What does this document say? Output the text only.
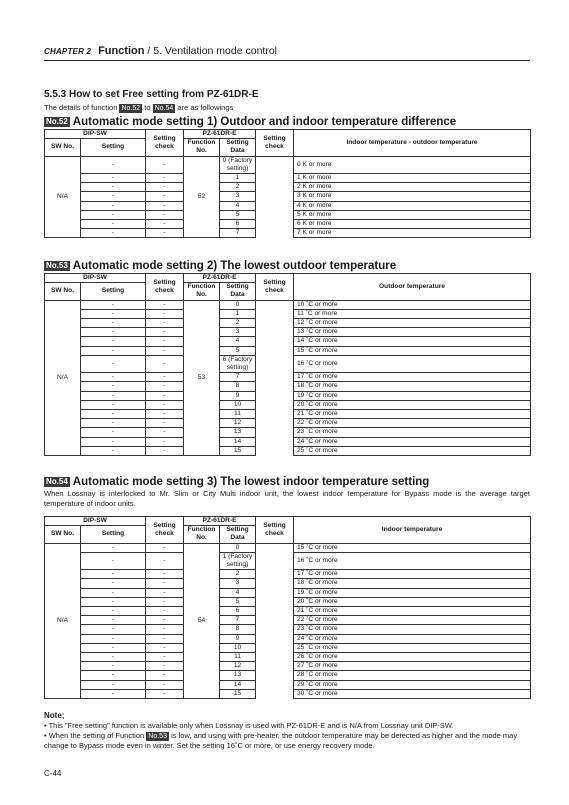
CHAPTER 2 Function / 5. Ventilation mode control
5.5.3 How to set Free setting from PZ-61DR-E
The details of function No.52 to No.54 are as followings
No.52 Automatic mode setting 1) Outdoor and indoor temperature difference
DIP-SW		Setting check	PZ-61DR-E		Setting check	Indoor temperature - outdoor temperature
SW No.	Setting		Function No.	Setting Data		
N/A	-	-	52	0 (Factory setting)		0 K or more
	-	-		1		1 K or more
	-	-		2		2 K or more
	-	-		3		3 K or more
	-	-		4		4 K or more
	-	-		5		5 K or more
	-	-		6		6 K or more
	-	-		7		7 K or more
No.53 Automatic mode setting 2) The lowest outdoor temperature
DIP-SW		Setting check	PZ-61DR-E		Setting check	Outdoor temperature
SW No.	Setting		Function No.	Setting Data		
N/A	-	-	53	0		10 ˚C or more
	-	-		1		11 ˚C or more
	-	-		2		12 ˚C or more
	-	-		3		13 ˚C or more
	-	-		4		14 ˚C or more
	-	-		5		15 ˚C or more
	-	-		6 (Factory setting)		16 ˚C or more
	-	-		7		17 ˚C or more
	-	-		8		18 ˚C or more
	-	-		9		19 ˚C or more
	-	-		10		20 ˚C or more
	-	-		11		21 ˚C or more
	-	-		12		22 ˚C or more
	-	-		13		23 ˚C or more
	-	-		14		24 ˚C or more
	-	-		15		25 ˚C or more
No.54 Automatic mode setting 3) The lowest indoor temperature setting
When Lossnay is interlocked to Mr. Slim or City Multi indoor unit, the lowest indoor temperature for Bypass mode is the average target temperature of indoor units.
DIP-SW		Setting check	PZ-61DR-E		Setting check	Indoor temperature
SW No.	Setting		Function No.	Setting Data		
N/A	-	-	54	0		15 ˚C or more
	-	-		1 (Factory setting)		16 ˚C or more
	-	-		2		17 ˚C or more
	-	-		3		18 ˚C or more
	-	-		4		19 ˚C or more
	-	-		5		20 ˚C or more
	-	-		6		21 ˚C or more
	-	-		7		22 ˚C or more
	-	-		8		23 ˚C or more
	-	-		9		24 ˚C or more
	-	-		10		25 ˚C or more
	-	-		11		26 ˚C or more
	-	-		12		27 ˚C or more
	-	-		13		28 ˚C or more
	-	-		14		29 ˚C or more
	-	-		15		30 ˚C or more
Note;
• This "Free setting" function is available only when Lossnay is used with PZ-61DR-E and is N/A from Lossnay unit DIP-SW.
• When the setting of Function No.53 is low, and using with pre-heater, the outdoor temperature may be detected as higher and the mode may change to Bypass mode even in winter. Set the setting 16˚C or more, or use energy recovery mode.
C-44
